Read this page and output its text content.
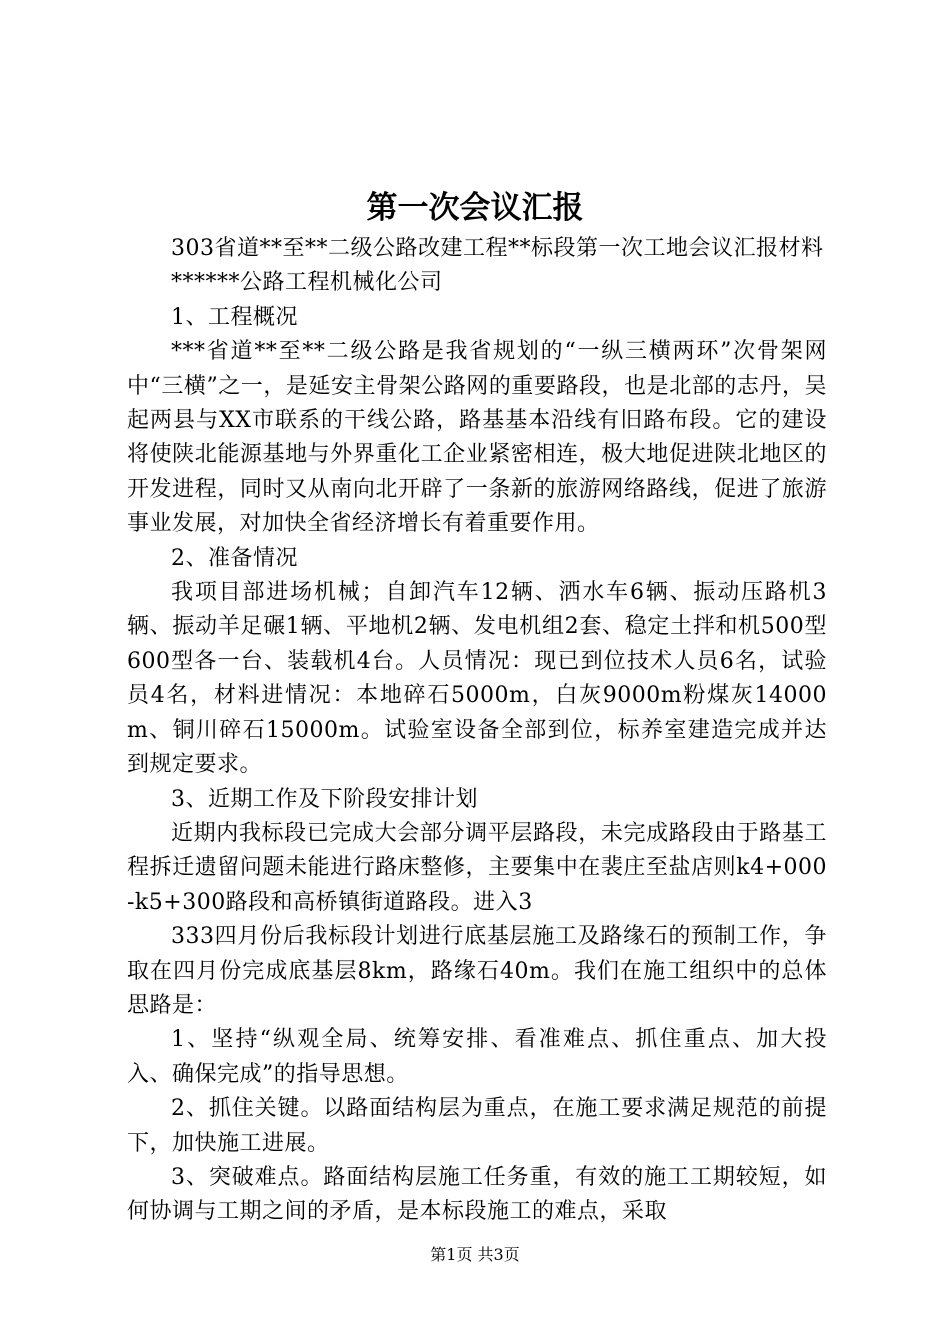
第一次会议汇报

303省道**至**二级公路改建工程**标段第一次工地会议汇报材料

******公路工程机械化公司

1、工程概况

***省道**至**二级公路是我省规划的“一纵三横两环”次骨架网中“三横”之一，是延安主骨架公路网的重要路段，也是北部的志丹，吴起两县与XX市联系的干线公路，路基基本沿线有旧路布段。它的建设将使陕北能源基地与外界重化工企业紧密相连，极大地促进陕北地区的开发进程，同时又从南向北开辟了一条新的旅游网络路线，促进了旅游事业发展，对加快全省经济增长有着重要作用。

2、准备情况

我项目部进场机械；自卸汽车12辆、洒水车6辆、振动压路机3辆、振动羊足碾1辆、平地机2辆、发电机组2套、稳定土拌和机500型600型各一台、装载机4台。人员情况：现已到位技术人员6名，试验员4名，材料进情况：本地碎石5000m，白灰9000m粉煤灰14000m、铜川碎石15000m。试验室设备全部到位，标养室建造完成并达到规定要求。

3、近期工作及下阶段安排计划

近期内我标段已完成大会部分调平层路段，未完成路段由于路基工程拆迁遗留问题未能进行路床整修，主要集中在裴庄至盐店则k4+000-k5+300路段和高桥镇街道路段。进入3

333四月份后我标段计划进行底基层施工及路缘石的预制工作，争取在四月份完成底基层8km，路缘石40m。我们在施工组织中的总体思路是：

1、坚持“纵观全局、统筹安排、看准难点、抓住重点、加大投入、确保完成”的指导思想。

2、抓住关键。以路面结构层为重点，在施工要求满足规范的前提下，加快施工进展。

3、突破难点。路面结构层施工任务重，有效的施工工期较短，如何协调与工期之间的矛盾，是本标段施工的难点，采取

第1页 共3页
